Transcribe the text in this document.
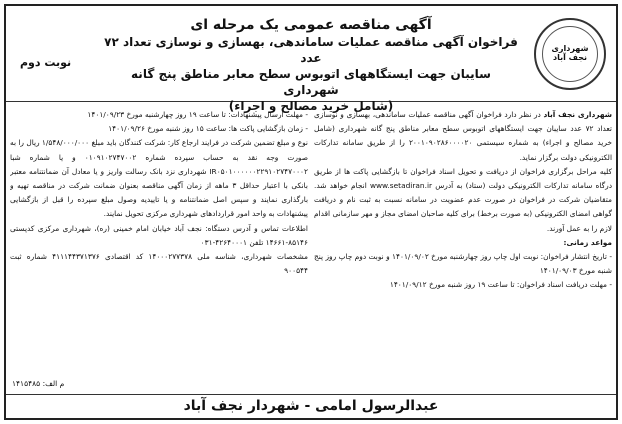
شهرداری نجف آباد
آگهی مناقصه عمومی یک مرحله ای
فراخوان آگهی مناقصه عملیات ساماندهی، بهسازی و نوسازی تعداد ۷۲ عدد
سایبان جهت ایستگاههای اتوبوس سطح معابر مناطق پنج گانه شهرداری
(شامل خرید مصالح و اجراء)
نوبت دوم

شهرداری نجف آباد در نظر دارد فراخوان آگهی مناقصه عملیات ساماندهی، بهسازی و نوسازی تعداد ۷۲ عدد سایبان جهت ایستگاههای اتوبوس سطح معابر مناطق پنج گانه شهرداری (شامل خرید مصالح و اجراء) به شماره سیستمی ۲۰۰۱۰۹۰۲۸۶۰۰۰۰۲۰ را از طریق سامانه تدارکات الکترونیکی دولت برگزار نماید.

کلیه مراحل برگزاری فراخوان از دریافت و تحویل اسناد فراخوان تا بازگشایی پاکت ها از طریق درگاه سامانه تدارکات الکترونیکی دولت (ستاد) به آدرس www.setadiran.ir انجام خواهد شد. متقاضیان شرکت در فراخوان در صورت عدم عضویت در سامانه نسبت به ثبت نام و دریافت گواهی امضای الکترونیکی (به صورت برخط) برای کلیه صاحبان امضای مجاز و مهر سازمانی اقدام لازم را به عمل آورند.

مواعد زمانی:

- تاریخ انتشار فراخوان: نوبت اول چاپ روز چهارشنبه مورخ ۱۴۰۱/۰۹/۰۲ و نوبت دوم چاپ روز پنج شنبه مورخ ۱۴۰۱/۰۹/۰۳

- مهلت دریافت اسناد فراخوان: تا ساعت ۱۹ روز شنبه مورخ ۱۴۰۱/۰۹/۱۲

- مهلت ارسال پیشنهادات: تا ساعت ۱۹ روز چهارشنبه مورخ ۱۴۰۱/۰۹/۲۳

- زمان بازگشایی پاکت ها: ساعت ۱۵ روز شنبه مورخ ۱۴۰۱/۰۹/۲۶

نوع و مبلغ تضمین شرکت در فرایند ارجاع کار: شرکت کنندگان باید مبلغ ۱/۵۴۸/۰۰۰/۰۰۰ ریال را به صورت وجه نقد به حساب سپرده شماره ۰۱۰۹۱۰۲۷۴۷۰۰۲ و یا شماره شبا IR۰۵۰۱۰۰۰۰۰۰۲۲۹۱۰۲۷۴۷۰۰۰۲ شهرداری نزد بانک رسالت واریز و یا معادل آن ضمانتنامه معتبر بانکی با اعتبار حداقل ۳ ماهه از زمان آگهی مناقصه بعنوان ضمانت شرکت در مناقصه تهیه و بارگذاری نمایند و سپس اصل ضمانتنامه و یا تاییدیه وصول مبلغ سپرده را قبل از بازگشایی پیشنهادات به واحد امور قراردادهای شهرداری مرکزی تحویل نمایند.

اطلاعات تماس و آدرس دستگاه: نجف آباد خیابان امام خمینی (ره)، شهرداری مرکزی کدپستی ۸۵۱۴۶-۱۴۶۶۱ تلفن ۴۲۶۴۰۰۰۱-۰۳۱

مشخصات شهرداری، شناسه ملی ۱۴۰۰۰۲۷۷۳۷۸ کد اقتصادی ۴۱۱۱۴۴۳۷۱۳۷۶ شماره ثبت ۹۰۰۵۴۴

م الف: ۱۴۱۵۴۸۵
عبدالرسول امامی - شهردار نجف آباد
